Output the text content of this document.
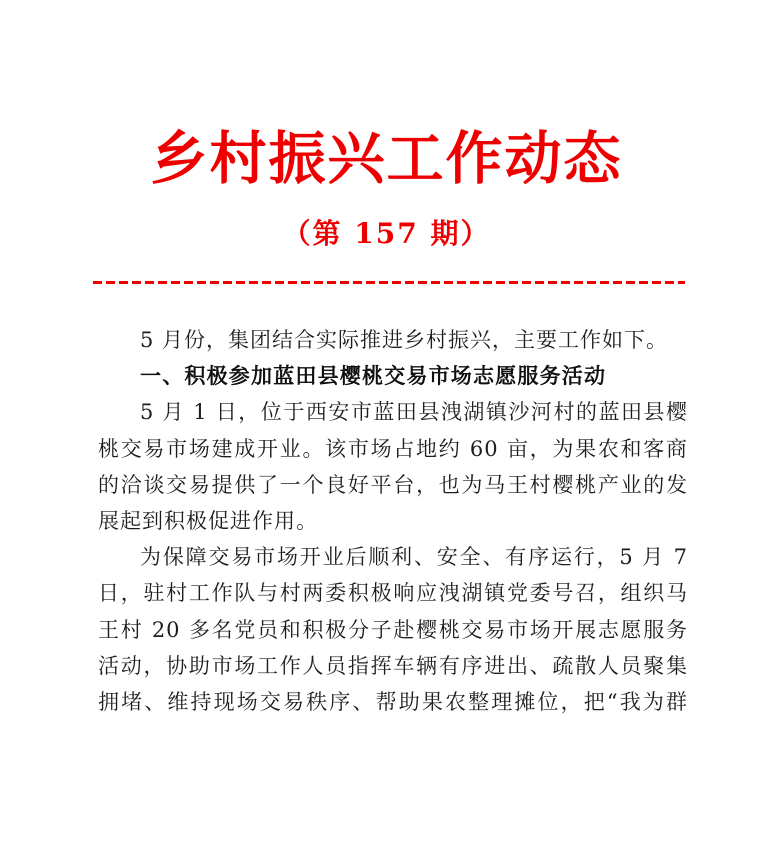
乡村振兴工作动态
（第 157 期）
5 月份，集团结合实际推进乡村振兴，主要工作如下。
一、积极参加蓝田县樱桃交易市场志愿服务活动
5 月 1 日，位于西安市蓝田县洩湖镇沙河村的蓝田县樱
桃交易市场建成开业。该市场占地约 60 亩，为果农和客商
的洽谈交易提供了一个良好平台，也为马王村樱桃产业的发
展起到积极促进作用。
为保障交易市场开业后顺利、安全、有序运行，5 月 7
日，驻村工作队与村两委积极响应洩湖镇党委号召，组织马
王村 20 多名党员和积极分子赴樱桃交易市场开展志愿服务
活动，协助市场工作人员指挥车辆有序进出、疏散人员聚集
拥堵、维持现场交易秩序、帮助果农整理摊位，把“我为群
